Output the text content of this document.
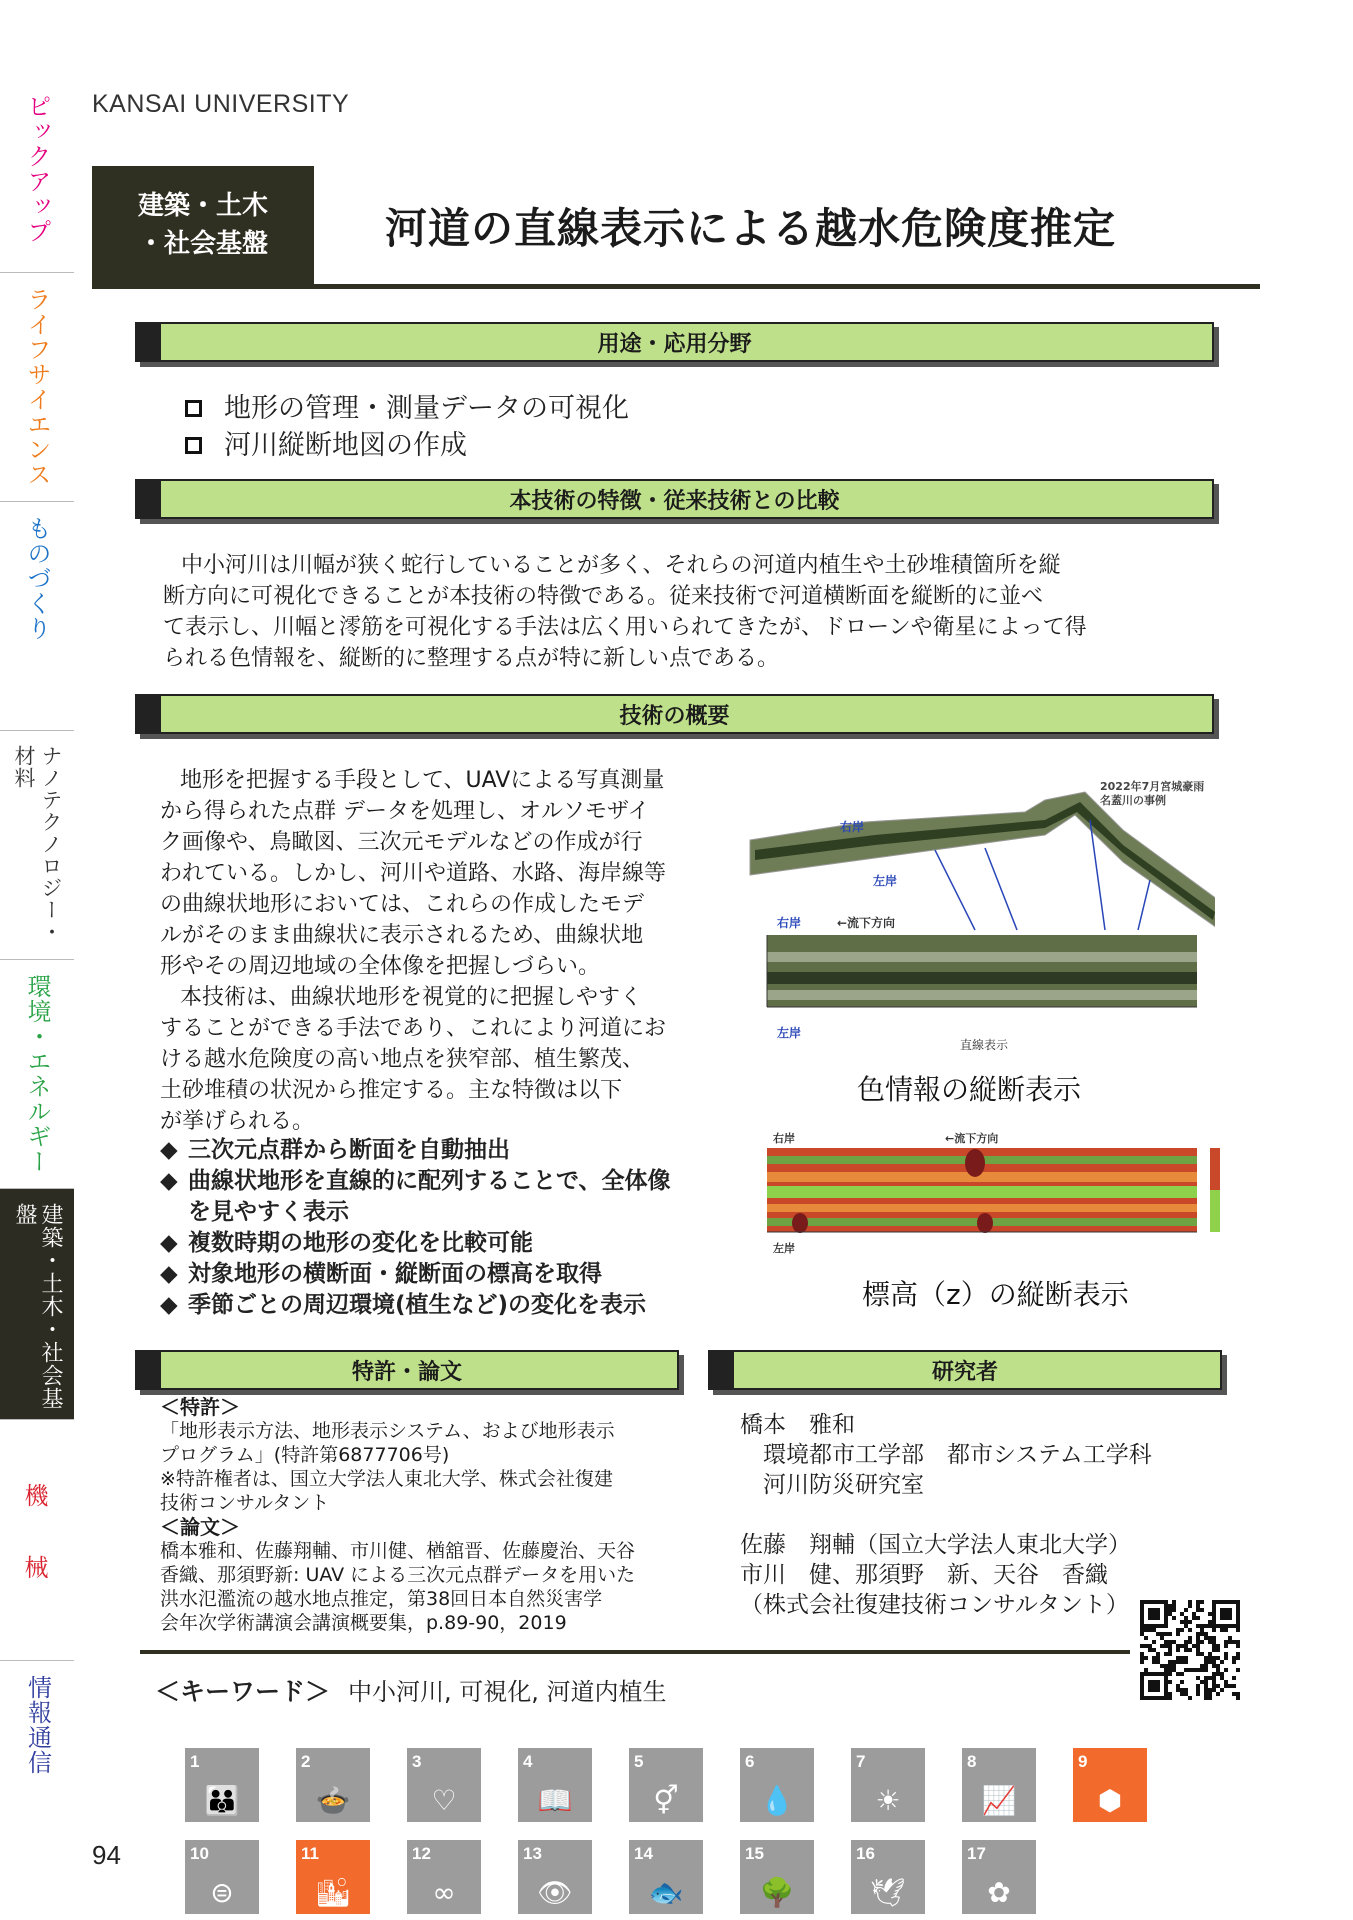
ピックアップ
ライフサイエンス
ものづくり
ナノテクノロジー・材料
環境・エネルギー
建築・土木・社会基盤
機
械
情報通信
KANSAI UNIVERSITY
建築・土木
・社会基盤	河道の直線表示による越水危険度推定
用途・応用分野
地形の管理・測量データの可視化
河川縦断地図の作成
本技術の特徴・従来技術との比較
中小河川は川幅が狭く蛇行していることが多く、それらの河道内植生や土砂堆積箇所を縦
断方向に可視化できることが本技術の特徴である。従来技術で河道横断面を縦断的に並べ
て表示し、川幅と澪筋を可視化する手法は広く用いられてきたが、ドローンや衛星によって得
られる色情報を、縦断的に整理する点が特に新しい点である。
技術の概要
地形を把握する手段として、UAVによる写真測量
から得られた点群 データを処理し、オルソモザイ
ク画像や、鳥瞰図、三次元モデルなどの作成が行
われている。しかし、河川や道路、水路、海岸線等
の曲線状地形においては、これらの作成したモデ
ルがそのまま曲線状に表示されるため、曲線状地
形やその周辺地域の全体像を把握しづらい。
本技術は、曲線状地形を視覚的に把握しやすく
することができる手法であり、これにより河道にお
ける越水危険度の高い地点を狭窄部、植生繁茂、
土砂堆積の状況から推定する。主な特徴は以下
が挙げられる。
◆ 三次元点群から断面を自動抽出
◆ 曲線状地形を直線的に配列することで、全体像
を見やすく表示
◆ 複数時期の地形の変化を比較可能
◆ 対象地形の横断面・縦断面の標高を取得
◆ 季節ごとの周辺環境(植生など)の変化を表示
2022年7月宮城豪雨
名蓋川の事例
右岸
左岸
右岸	←流下方向
左岸
直線表示
色情報の縦断表示
右岸	←流下方向
左岸
標高（z）の縦断表示
特許・論文	研究者
＜特許＞
「地形表示方法、地形表示システム、および地形表示
プログラム」(特許第6877706号)
※特許権者は、国立大学法人東北大学、株式会社復建
技術コンサルタント
＜論文＞
橋本雅和、佐藤翔輔、市川健、楢舘晋、佐藤慶治、天谷
香織、那須野新: UAV による三次元点群データを用いた
洪水氾濫流の越水地点推定，第38回日本自然災害学
会年次学術講演会講演概要集，p.89-90，2019
橋本　雅和
　環境都市工学部　都市システム工学科
　河川防災研究室
佐藤　翔輔（国立大学法人東北大学）
市川　健、那須野　新、天谷　香織
（株式会社復建技術コンサルタント）
＜キーワード＞ 中小河川, 可視化, 河道内植生
1
👪
2
🍲
3
♡
4
📖
5
⚥
6
💧
7
☀
8
📈
9
⬢
10
⊜
11
🏙
12
∞
13
👁
14
🐟
15
🌳
16
🕊
17
✿
94
